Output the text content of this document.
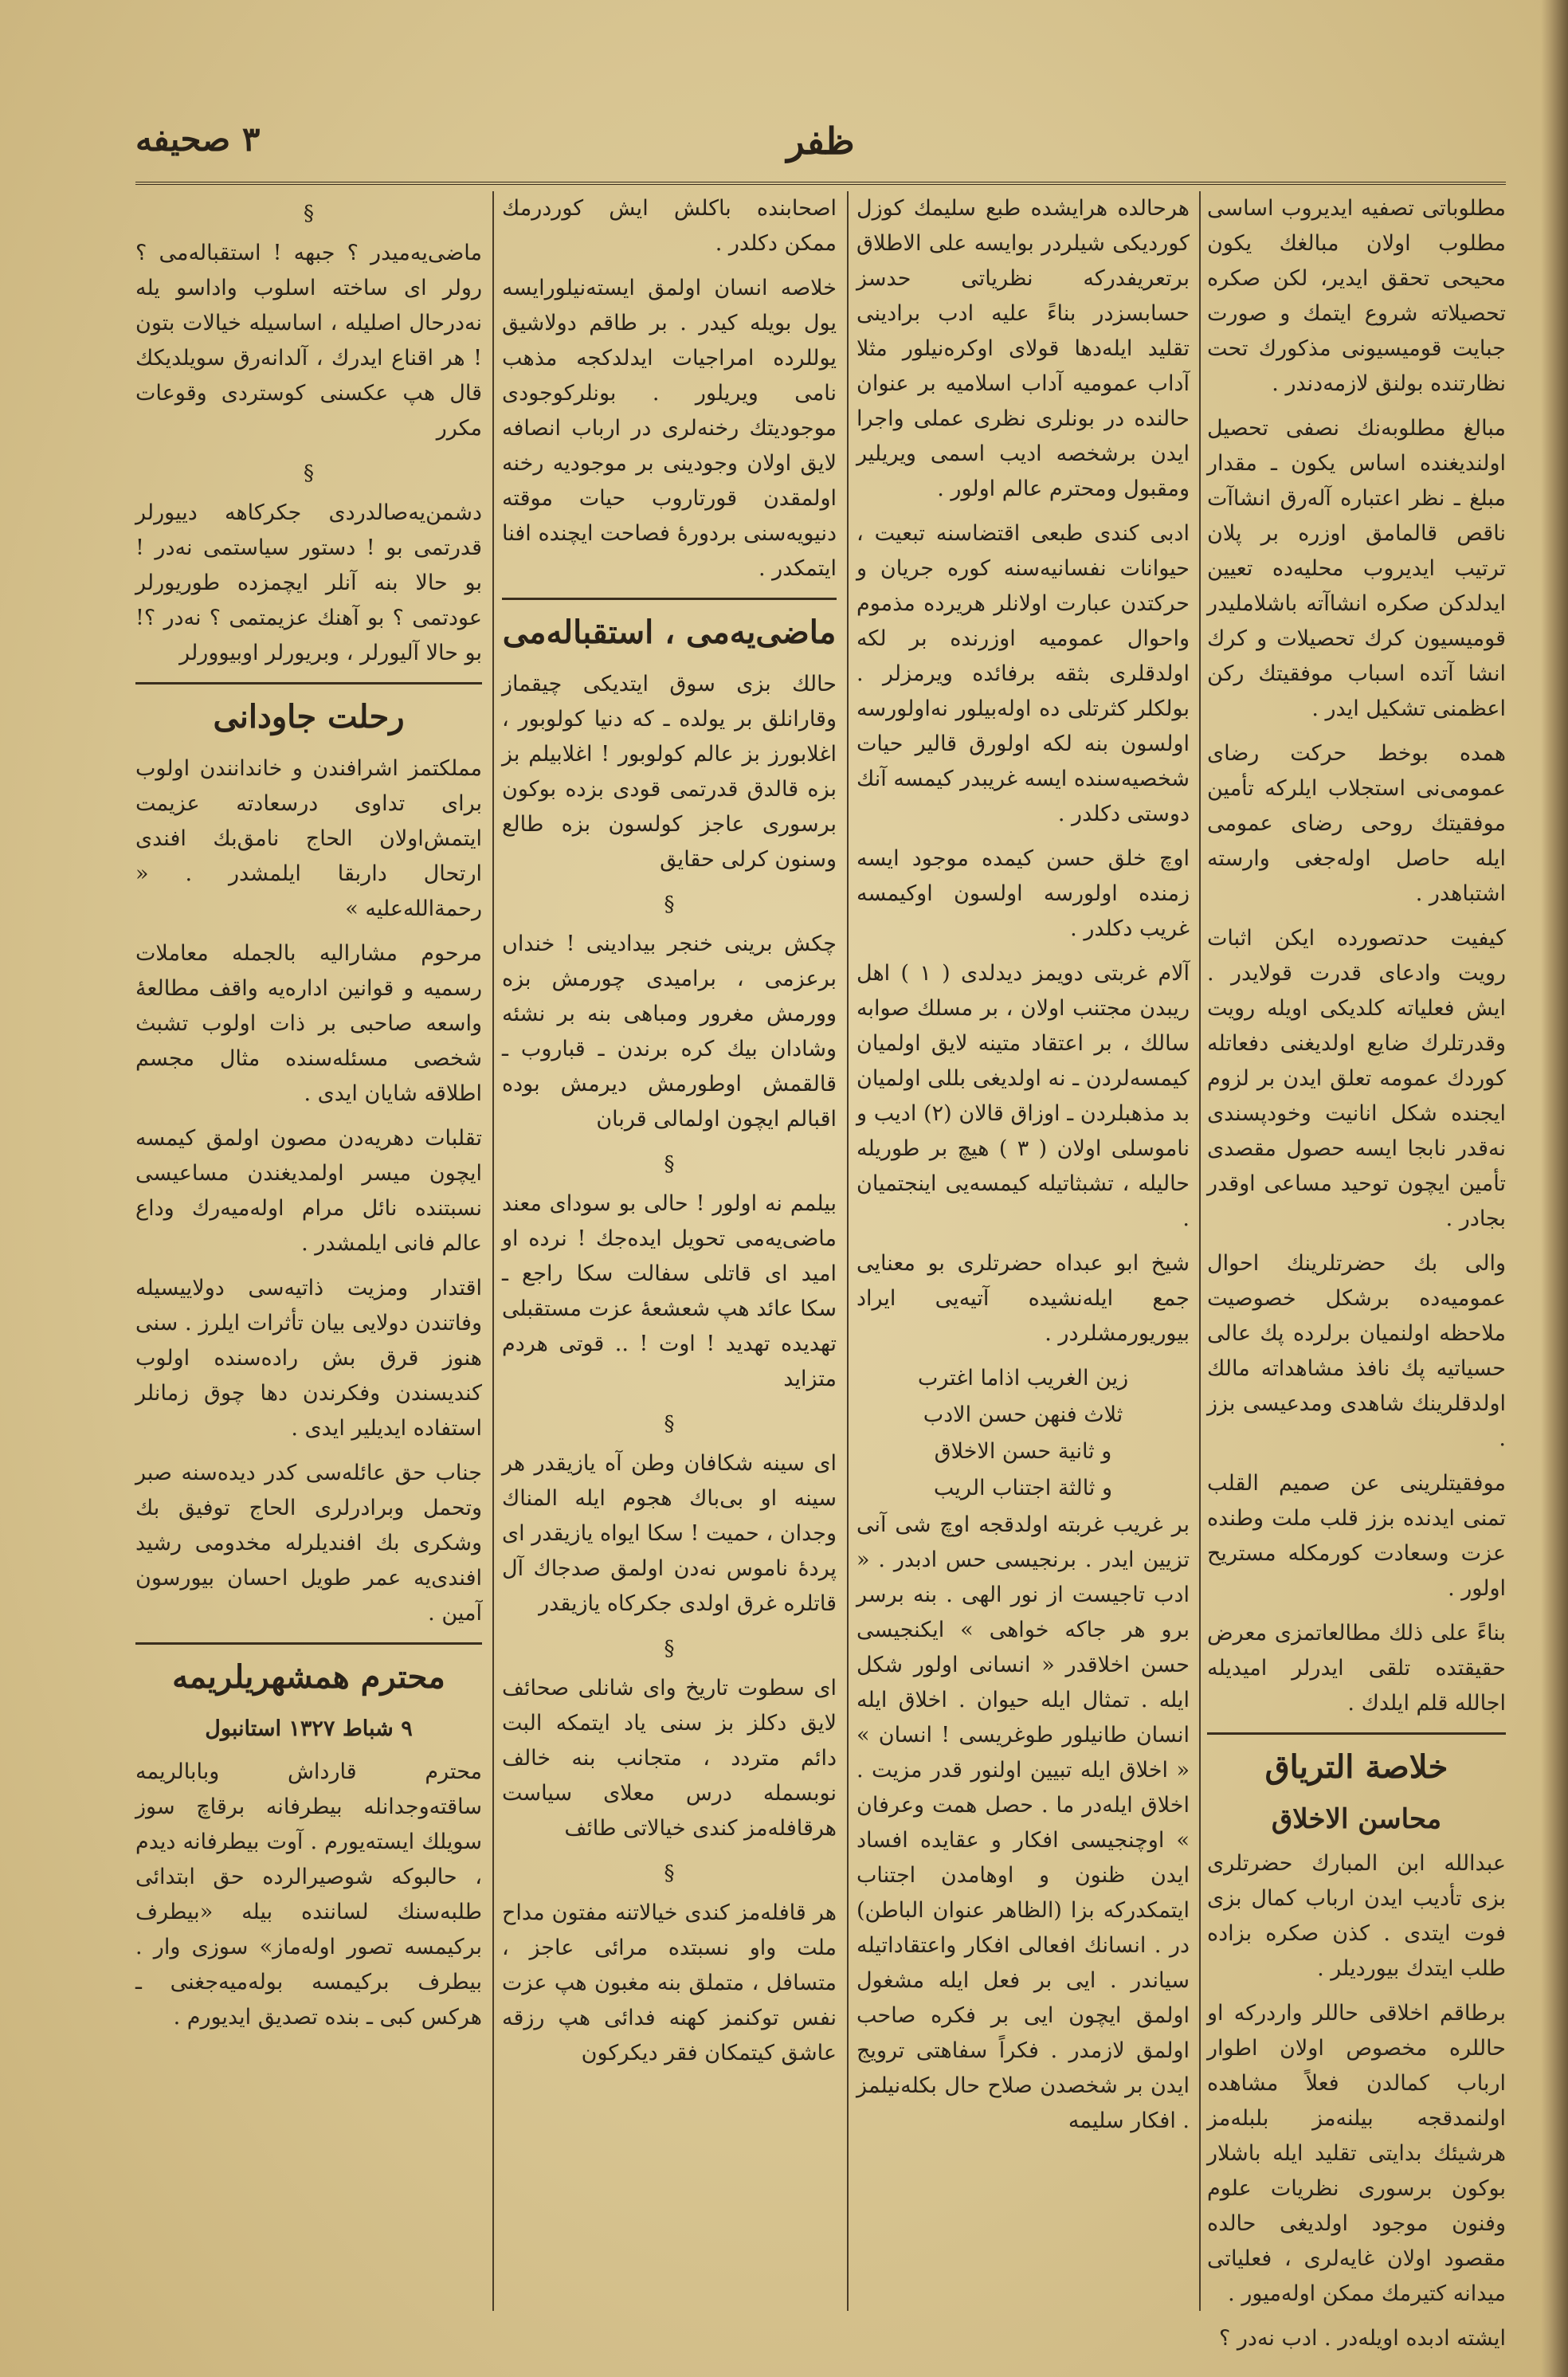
ظفر
٣ صحیفه

مطلوباتی تصفیه ایدیروب اساسی مطلوب اولان مبالغك یکون محیحی تحقق ایدیر، لکن صکره تحصیلاته شروع ایتمك و صورت جبایت قومیسیونی مذکورك تحت نظارتنده بولنق لازمه‌دندر .

مبالغ مطلوبه‌نك نصفی تحصیل اولندیغنده اساس یکون ـ مقدار مبلغ ـ نظر اعتباره آله‌رق انشاآت ناقص قالمامق اوزره بر پلان ترتیب ایدیروب محلیه‌ده تعیین ایدلدکن صکره انشاآته باشلاملیدر قومیسیون کرك تحصیلات و کرك انشا آتده اسباب موفقیتك رکن اعظمنی تشکیل ایدر .

همده بوخط حرکت رضای عمومی‌نی استجلاب ایلرکه تأمین موفقیتك روحی رضای عمومی ایله حاصل اوله‌جغی وارسته اشتباهدر .

کیفیت حدتصورده ایکن اثبات رویت وادعای قدرت قولایدر . ایش فعلیاته کلدیکی اویله رویت وقدرتلرك ضایع اولدیغنی دفعاتله کوردك عمومه تعلق ایدن بر لزوم ایجنده شکل انانیت وخودپسندی نه‌قدر نابجا ایسه حصول مقصدی تأمین ایچون توحید مساعی اوقدر بجادر .

والی بك حضرتلرینك احوال عمومیه‌ده برشکل خصوصیت ملاحظه اولنمیان برلرده پك عالی حسیاتیه پك نافذ مشاهداته مالك اولدقلرینك شاهدی ومدعیسی بزز .

موفقیتلرینی عن صمیم القلب تمنی ایدنده بزز قلب ملت وطنده عزت وسعادت کورمکله مستریح اولور .

بناءً علی ذلك مطالعاتمزی معرض حقیقتده تلقی ایدرلر امیدیله اجالله قلم ایلدك .

خلاصة الترياق
محاسن الاخلاق

عبدالله ابن المبارك حضرتلری بزی تأدیب ایدن ارباب کمال بزی فوت ایتدی . کذن صکره بزاده طلب ایتدك بیوردیلر .

برطاقم اخلاقی حاللر واردرکه او حاللره مخصوص اولان اطوار ارباب کمالدن فعلاً مشاهده اولنمدقجه بیلنه‌مز بلبله‌مز هرشیئك بدایتی تقلید ایله باشلار بوکون برسوری نظریات علوم وفنون موجود اولدیغی حالده مقصود اولان غایه‌لری ، فعلیاتی میدانه کتیرمك ممکن اوله‌میور .

ایشته ادبده اویله‌در . ادب نه‌در ؟

هرحالده هرایشده طبع سلیمك کوزل کوردیکی شیلردر بوایسه علی الاطلاق برتعریفدرکه نظریاتی حدسز حسابسزدر بناءً علیه ادب برادینی تقلید ایله‌دها قولای اوکره‌نیلور مثلا آداب عمومیه آداب اسلامیه بر عنوان حالنده در بونلری نظری عملی واجرا ایدن برشخصه ادیب اسمی ویریلیر ومقبول ومحترم عالم اولور .

ادبی کندی طبعی اقتضاسنه تبعیت ، حیوانات نفسانیه‌سنه کوره جریان و حرکتدن عبارت اولانلر هریرده مذموم واحوال عمومیه اوزرنده بر لکه اولدقلری بثقه برفائده ویرمزلر . بولکلر کثرتلی ده اوله‌بیلور نه‌اولورسه اولسون بنه لکه اولورق قالیر حیات شخصیه‌سنده ایسه غریبدر کیمسه آنك دوستی دکلدر .

اوچ خلق حسن کیمده موجود ایسه زمنده اولورسه اولسون اوکیمسه غریب دکلدر .

آلام غربتی دویمز دیدلدی ( ١ ) اهل ریبدن مجتنب اولان ، بر مسلك صوابه سالك ، بر اعتقاد متینه لایق اولمیان کیمسه‌لردن ـ نه اولدیغی بللی اولمیان بد مذهبلردن ـ اوزاق قالان (٢) ادیب و ناموسلی اولان ( ٣ ) هیچ بر طوریله حالیله ، تشبثاتیله کیمسه‌یی اینجتمیان .

شیخ ابو عبداه حضرتلری بو معنایی جمع ایله‌نشیده آتیه‌یی ایراد بیوریورمشلردر .

زين الغريب اذاما اغترب
ثلاث فنهن حسن الادب
و ثانية حسن الاخلاق
و ثالثة اجتناب الريب

بر غریب غربته اولدقجه اوچ شی آنی تزیین ایدر . برنجیسی حس ادبدر . « ادب تاجیست از نور الهی . بنه برسر برو هر جاکه خواهی » ایکنجیسی حسن اخلاقدر « انسانی اولور شکل ایله . تمثال ایله حیوان . اخلاق ایله انسان طانیلور طوغریسی ! انسان » « اخلاق ایله تبیین اولنور قدر مزیت . اخلاق ایله‌در ما . حصل همت وعرفان » اوچنجیسی افکار و عقایده افساد ایدن ظنون و اوهامدن اجتناب ایتمکدرکه بزا (الظاهر عنوان الباطن) در . انسانك افعالی افکار واعتقاداتیله سیاندر . ایی بر فعل ایله مشغول اولمق ایچون ایی بر فکره صاحب اولمق لازمدر . فکراً سفاهتی ترویج ایدن بر شخصدن صلاح حال بکله‌نیلمز . افکار سلیمه

اصحابنده باکلش ایش کوردرمك ممکن دکلدر .

خلاصه انسان اولمق ایسته‌نیلورایسه یول بویله کیدر . بر طاقم دولاشیق یوللرده امراجیات ایدلدکجه مذهب نامی ویریلور . بونلرکوجودی موجودیتك رخنه‌لری در ارباب انصافه لایق اولان وجودینی بر موجودیه رخنه اولمقدن قورتاروب حیات موقته دنیویه‌سنی بردورهٔ فصاحت ایچنده افنا ایتمکدر .

ماضی‌یه‌می ، استقباله‌می

حالك بزی سوق ایتدیکی چیقماز وقارانلق بر یولده ـ که دنیا کولوبور ، اغلابورز بز عالم کولوبور ! اغلابیلم بز بزه قالدق قدرتمی قودی بزده بوکون برسوری عاجز کولسون بزه طالع وسنون کرلی حقایق

§

چکش برینی خنجر بیدادینی ! خنداں برعزمی ، برامیدی چورمش بزه وورمش مغرور ومباهی بنه بر نشئه وشادان بیك کره برندن ـ قباروب ـ قالقمش اوطورمش دیرمش بوده اقبالم ایچون اولمالی قربان

§

بیلمم نه اولور ! حالی بو سودای معند ماضی‌یه‌می تحویل ایده‌جك ! نرده او امید ای قاتلی سفالت سکا راجع ـ سکا عائد هپ شعشعهٔ عزت مستقبلی تهدیده تهدید ! اوت ! .. قوتی هردم متزاید

§

ای سینه شکافان وطن آه یازیقدر هر سینه او بی‌باك هجوم ایله المناك وجدان ، حمیت ! سکا ایواه یازیقدر ای پردهٔ ناموس نه‌دن اولمق صدجاك آل قاتلره غرق اولدی جکرکاه یازیقدر

§

ای سطوت تاریخ وای شانلی صحائف لایق دکلز بز سنی یاد ایتمکه البت دائم متردد ، متجانب بنه خالف نوبسمله درس معلای سیاست هرقافله‌مز کندی خیالاتی طائف

§

هر قافله‌مز کندی خیالاتنه مفتون مداح ملت واو نسبتده مرائی عاجز ، متسافل ، متملق بنه مغبون هپ عزت نفس توکنمز کهنه فدائی هپ رزقه عاشق کیتمكان فقر دیکرکون

§

ماضی‌یه‌میدر ؟ جبهه ! استقباله‌می ؟ رولر ای ساخته اسلوب واداسو یله نه‌درحال اصلیله ، اساسیله خیالات بتون ! هر اقناع ایدرك ، آلدانه‌رق سویلدیکك قال هپ عکسنی کوستردی وقوعات مکرر

§

دشمن‌یه‌صالدردی جکرکاهه دییورلر قدرتمی بو ! دستور سیاستمی نه‌در ! بو حالا بنه آنلر ایچمزده طوریورلر عودتمی ؟ بو آهنك عزیمتمی ؟ نه‌در ؟! بو حالا آلیورلر ، وبریورلر اوبیوورلر

رحلت جاودانی

مملکتمز اشرافندن و خاندانندن اولوب برای تداوی درسعادته عزیمت ایتمش‌اولان الحاج نامق‌بك افندی ارتحال داربقا ایلمشدر . « رحمةالله‌علیه »

مرحوم مشارالیه بالجمله معاملات رسمیه و قوانین اداره‌یه واقف مطالعهٔ واسعه صاحبی بر ذات اولوب تشبث شخصی مسئله‌سنده مثال مجسم اطلاقه شایان ایدی .

تقلبات دهریه‌دن مصون اولمق کیمسه ایچون میسر اولمدیغندن مساعیسی نسبتنده نائل مرام اوله‌میه‌رك وداع عالم فانی ایلمشدر .

اقتدار ومزیت ذاتیه‌سی دولاییسیله وفاتندن دولایی بیان تأثرات ایلرز . سنی هنوز قرق بش راده‌سنده اولوب کندیسندن وفکرندن دها چوق زمانلر استفاده ایدیلیر ایدی .

جناب حق عائله‌سی کدر دیده‌سنه صبر وتحمل وبرادرلری الحاج توفیق بك وشکری بك افندیلرله مخدومی رشید افندی‌یه عمر طویل احسان بیورسون آمین .

محترم همشهریلریمه
٩ شباط ١٣٢٧ استانبول

محترم قارداش وبابالریمه ساقته‌وجدانله بیطرفانه برقاچ سوز سویلك ایسته‌یورم . آوت بیطرفانه دیدم ، حالبوکه شوصیرالرده حق ابتدائی طلبه‌سنك لساننده بیله «بیطرف برکیمسه تصور اوله‌ماز» سوزی وار . بیطرف برکیمسه بوله‌میه‌جغنی ـ هرکس کبی ـ بنده تصدیق ایدیورم .
